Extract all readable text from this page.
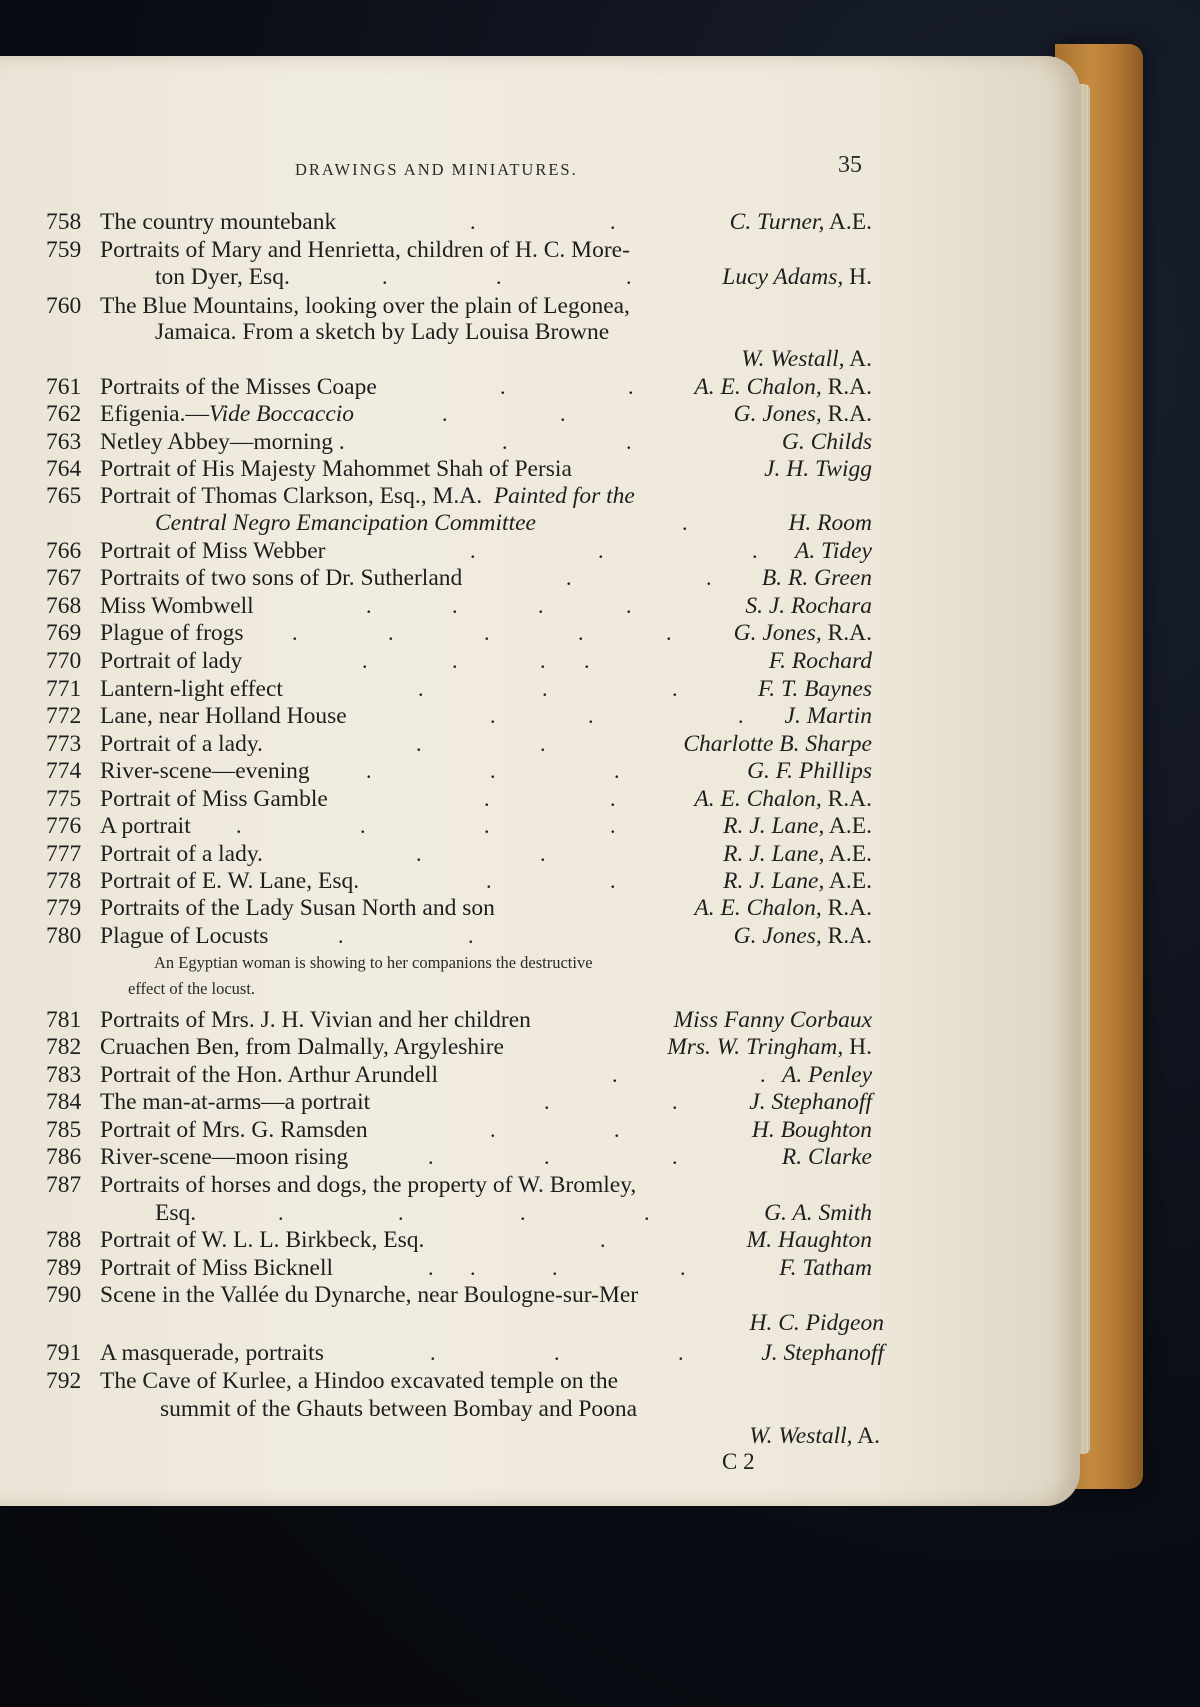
DRAWINGS AND MINIATURES.	35
758 The country mountebank	.	.	C. Turner, A.E.
759 Portraits of Mary and Henrietta, children of H. C. More-
ton Dyer, Esq.	.	.	.	Lucy Adams, H.
760 The Blue Mountains, looking over the plain of Legonea,
Jamaica. From a sketch by Lady Louisa Browne
W. Westall, A.
761 Portraits of the Misses Coape	.	.	A. E. Chalon, R.A.
762 Efigenia.—Vide Boccaccio	.	.	G. Jones, R.A.
763 Netley Abbey—morning .	.	.	G. Childs
764 Portrait of His Majesty Mahommet Shah of Persia	J. H. Twigg
765 Portrait of Thomas Clarkson, Esq., M.A. Painted for the
Central Negro Emancipation Committee	.	H. Room
766 Portrait of Miss Webber	.	.	. A. Tidey
767 Portraits of two sons of Dr. Sutherland	.	. B. R. Green
768 Miss Wombwell	.	.	.	.	S. J. Rochara
769 Plague of frogs .	.	.	.	.	G. Jones, R.A.
770 Portrait of lady	.	.	. .	F. Rochard
771 Lantern-light effect	.	.	.	F. T. Baynes
772 Lane, near Holland House	.	.	. J. Martin
773 Portrait of a lady.	.	.	Charlotte B. Sharpe
774 River-scene—evening	.	.	.	G. F. Phillips
775 Portrait of Miss Gamble	.	.	A. E. Chalon, R.A.
776 A portrait .	.	.	.	R. J. Lane, A.E.
777 Portrait of a lady.	.	.	R. J. Lane, A.E.
778 Portrait of E. W. Lane, Esq.	.	.	R. J. Lane, A.E.
779 Portraits of the Lady Susan North and son	A. E. Chalon, R.A.
780 Plague of Locusts	.	.	G. Jones, R.A.
An Egyptian woman is showing to her companions the destructive
effect of the locust.
781 Portraits of Mrs. J. H. Vivian and her children	Miss Fanny Corbaux
782 Cruachen Ben, from Dalmally, Argyleshire	Mrs. W. Tringham, H.
783 Portrait of the Hon. Arthur Arundell	.	. A. Penley
784 The man-at-arms—a portrait	.	.	J. Stephanoff
785 Portrait of Mrs. G. Ramsden	.	.	H. Boughton
786 River-scene—moon rising	.	.	.	R. Clarke
787 Portraits of horses and dogs, the property of W. Bromley,
Esq.	.	.	.	.	G. A. Smith
788 Portrait of W. L. L. Birkbeck, Esq.	.	M. Haughton
789 Portrait of Miss Bicknell	. .	.	.	F. Tatham
790 Scene in the Vallée du Dynarche, near Boulogne-sur-Mer
H. C. Pidgeon
791 A masquerade, portraits	.	.	.	J. Stephanoff
792 The Cave of Kurlee, a Hindoo excavated temple on the
summit of the Ghauts between Bombay and Poona
W. Westall, A.
C 2
